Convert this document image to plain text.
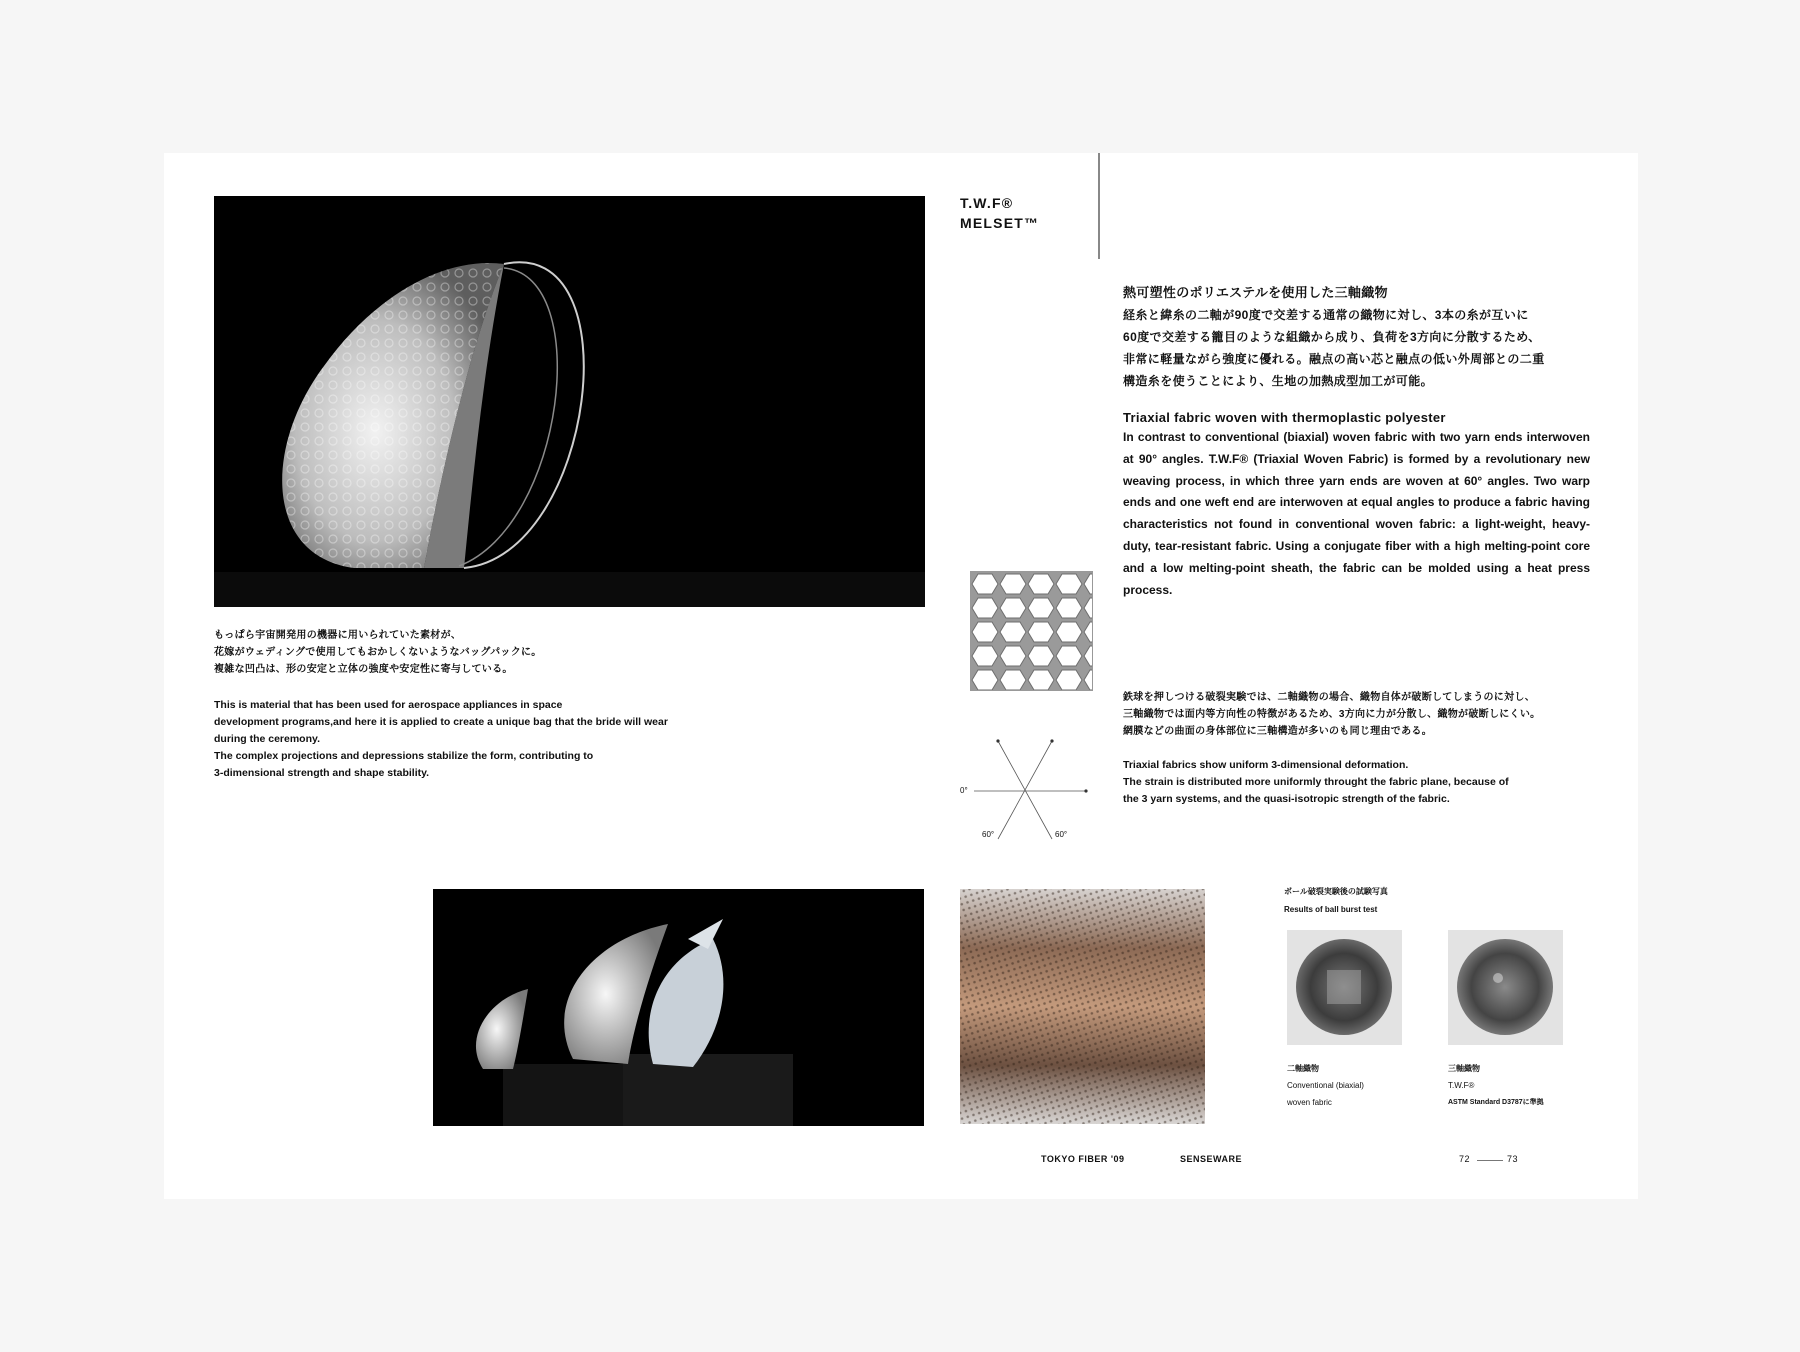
もっぱら宇宙開発用の機器に用いられていた素材が、
花嫁がウェディングで使用してもおかしくないようなバッグパックに。
複雑な凹凸は、形の安定と立体の強度や安定性に寄与している。
This is material that has been used for aerospace appliances in space
development programs,and here it is applied to create a unique bag that the bride will wear
during the ceremony.
The complex projections and depressions stabilize the form, contributing to
3-dimensional strength and shape stability.
T.W.F®
MELSET™
熱可塑性のポリエステルを使用した三軸織物
経糸と緯糸の二軸が90度で交差する通常の織物に対し、3本の糸が互いに
60度で交差する籠目のような組織から成り、負荷を3方向に分散するため、
非常に軽量ながら強度に優れる。融点の高い芯と融点の低い外周部との二重
構造糸を使うことにより、生地の加熱成型加工が可能。
Triaxial fabric woven with thermoplastic polyester
In contrast to conventional (biaxial) woven fabric with two yarn ends interwoven at 90° angles. T.W.F® (Triaxial Woven Fabric) is formed by a revolutionary new weaving process, in which three yarn ends are woven at 60° angles. Two warp ends and one weft end are interwoven at equal angles to produce a fabric having characteristics not found in conventional woven fabric: a light-weight, heavy-duty, tear-resistant fabric. Using a conjugate fiber with a high melting-point core and a low melting-point sheath, the fabric can be molded using a heat press process.
0°
60°	60°
鉄球を押しつける破裂実験では、二軸織物の場合、織物自体が破断してしまうのに対し、
三軸織物では面内等方向性の特徴があるため、3方向に力が分散し、織物が破断しにくい。
網膜などの曲面の身体部位に三軸構造が多いのも同じ理由である。
Triaxial fabrics show uniform 3-dimensional deformation.
The strain is distributed more uniformly throught the fabric plane, because of
the 3 yarn systems, and the quasi-isotropic strength of the fabric.
ボール破裂実験後の試験写真
Results of ball burst test
二軸織物
Conventional (biaxial)
woven fabric
三軸織物
T.W.F®
ASTM Standard D3787に準拠
TOKYO FIBER '09	SENSEWARE	72	73
